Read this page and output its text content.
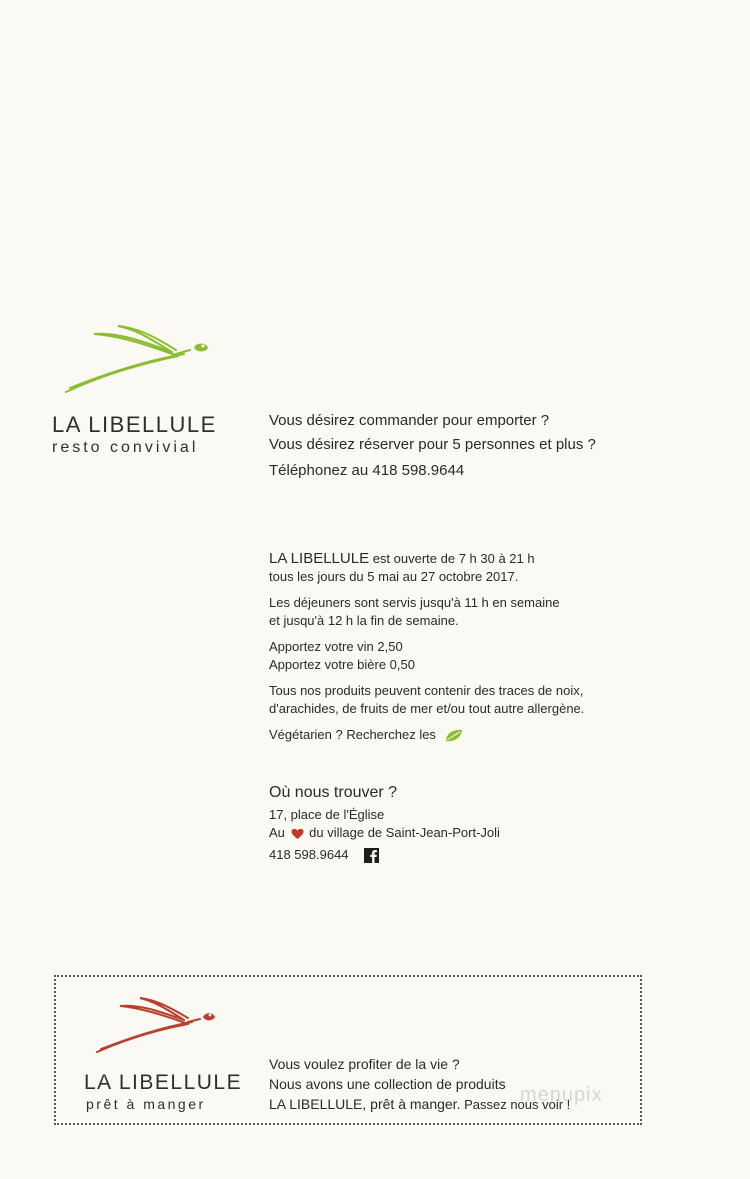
LA LIBELLULE
resto convivial
Vous désirez commander pour emporter ?
Vous désirez réserver pour 5 personnes et plus ?
Téléphonez au 418 598.9644

LA LIBELLULE est ouverte de 7 h 30 à 21 h

tous les jours du 5 mai au 27 octobre 2017.

Les déjeuners sont servis jusqu'à 11 h en semaine

et jusqu'à 12 h la fin de semaine.

Apportez votre vin 2,50

Apportez votre bière 0,50

Tous nos produits peuvent contenir des traces de noix,

d'arachides, de fruits de mer et/ou tout autre allergène.

Végétarien ? Recherchez les

Où nous trouver ?

17, place de l'Église

Au du village de Saint-Jean-Port-Joli

418 598.9644

LA LIBELLULE
prêt à manger
Vous voulez profiter de la vie ?
Nous avons une collection de produits
LA LIBELLULE, prêt à manger. Passez nous voir !
menupix
